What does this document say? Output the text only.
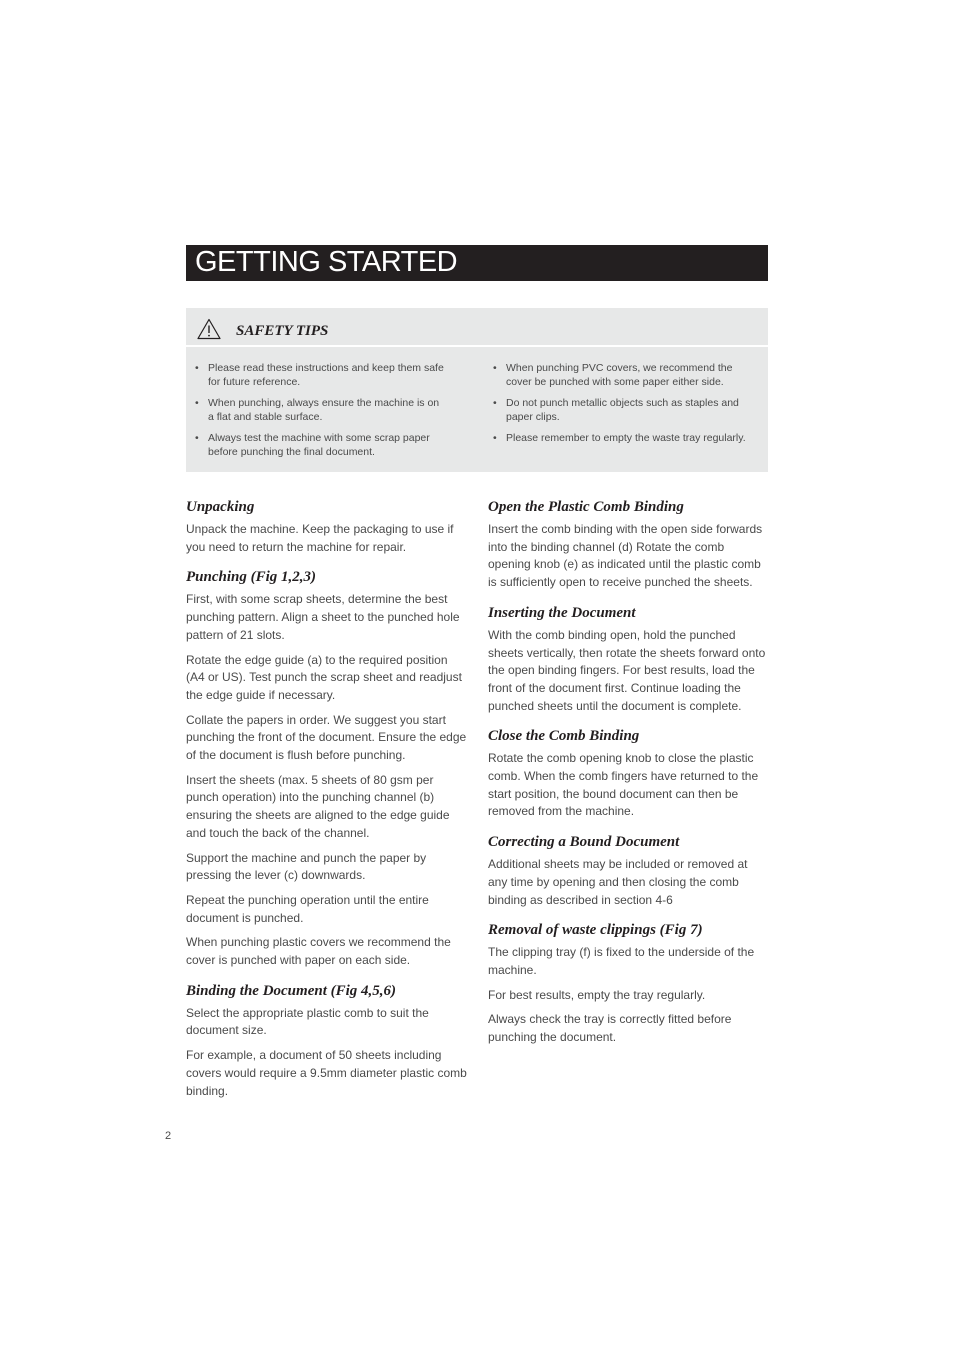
GETTING STARTED
SAFETY TIPS
• Please read these instructions and keep them safe for future reference.
• When punching, always ensure the machine is on a flat and stable surface.
• Always test the machine with some scrap paper before punching the final document.
• When punching PVC covers, we recommend the cover be punched with some paper either side.
• Do not punch metallic objects such as staples and paper clips.
• Please remember to empty the waste tray regularly.
Unpacking

Unpack the machine. Keep the packaging to use if you need to return the machine for repair.

Punching (Fig 1,2,3)

First, with some scrap sheets, determine the best punching pattern. Align a sheet to the punched hole pattern of 21 slots.

Rotate the edge guide (a) to the required position (A4 or US). Test punch the scrap sheet and readjust the edge guide if necessary.

Collate the papers in order. We suggest you start punching the front of the document. Ensure the edge of the document is flush before punching.

Insert the sheets (max. 5 sheets of 80 gsm per punch operation) into the punching channel (b) ensuring the sheets are aligned to the edge guide and touch the back of the channel.

Support the machine and punch the paper by pressing the lever (c) downwards.

Repeat the punching operation until the entire document is punched.

When punching plastic covers we recommend the cover is punched with paper on each side.

Binding the Document (Fig 4,5,6)

Select the appropriate plastic comb to suit the document size.

For example, a document of 50 sheets including covers would require a 9.5mm diameter plastic comb binding.

Open the Plastic Comb Binding

Insert the comb binding with the open side forwards into the binding channel (d) Rotate the comb opening knob (e) as indicated until the plastic comb is sufficiently open to receive punched the sheets.

Inserting the Document

With the comb binding open, hold the punched sheets vertically, then rotate the sheets forward onto the open binding fingers. For best results, load the front of the document first. Continue loading the punched sheets until the document is complete.

Close the Comb Binding

Rotate the comb opening knob to close the plastic comb. When the comb fingers have returned to the start position, the bound document can then be removed from the machine.

Correcting a Bound Document

Additional sheets may be included or removed at any time by opening and then closing the comb binding as described in section 4-6

Removal of waste clippings (Fig 7)

The clipping tray (f) is fixed to the underside of the machine.

For best results, empty the tray regularly.

Always check the tray is correctly fitted before punching the document.

2
